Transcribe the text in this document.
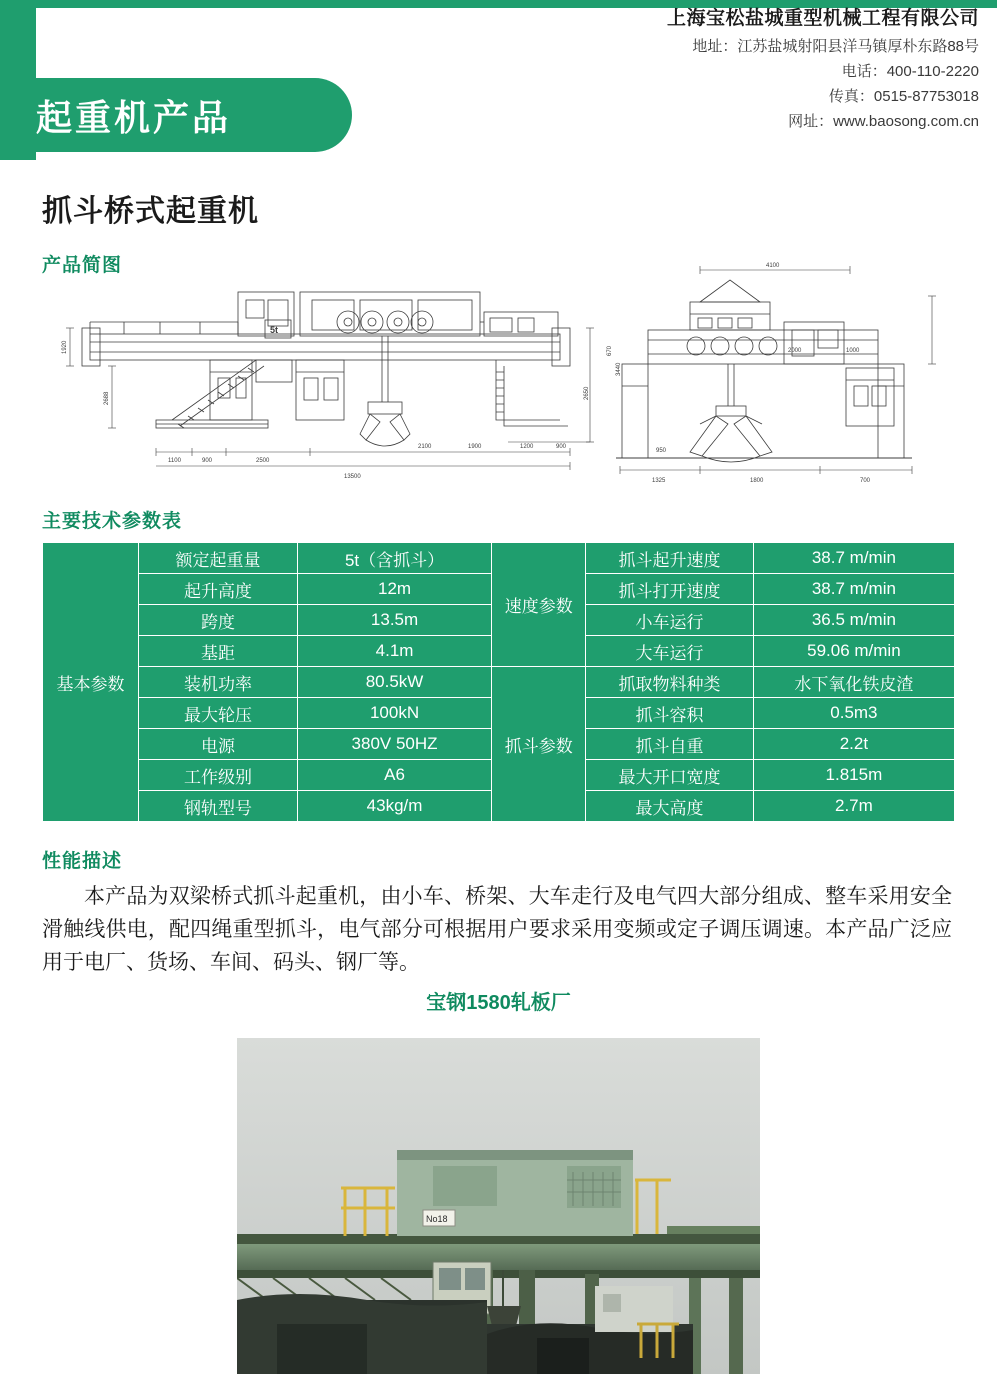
上海宝松盐城重型机械工程有限公司
地址：江苏盐城射阳县洋马镇厚朴东路88号
电话：400-110-2220
传真：0515-87753018
网址：www.baosong.com.cn
起重机产品
抓斗桥式起重机
产品简图
1920
2688
1100	900	2500
13500
2100	1900	1200	900
2650
3440
670
5t
4100
2000	1000
950
1325	1800	700
主要技术参数表
基本参数	额定起重量	5t（含抓斗）	速度参数	抓斗起升速度	38.7 m/min
	起升高度	12m		抓斗打开速度	38.7 m/min
	跨度	13.5m		小车运行	36.5 m/min
	基距	4.1m		大车运行	59.06 m/min
	装机功率	80.5kW	抓斗参数	抓取物料种类	水下氧化铁皮渣
	最大轮压	100kN		抓斗容积	0.5m3
	电源	380V 50HZ		抓斗自重	2.2t
	工作级别	A6		最大开口宽度	1.815m
	钢轨型号	43kg/m		最大高度	2.7m
性能描述
本产品为双梁桥式抓斗起重机，由小车、桥架、大车走行及电气四大部分组成、整车采用安全滑触线供电，配四绳重型抓斗，电气部分可根据用户要求采用变频或定子调压调速。本产品广泛应用于电厂、货场、车间、码头、钢厂等。
宝钢1580轧板厂
No18
